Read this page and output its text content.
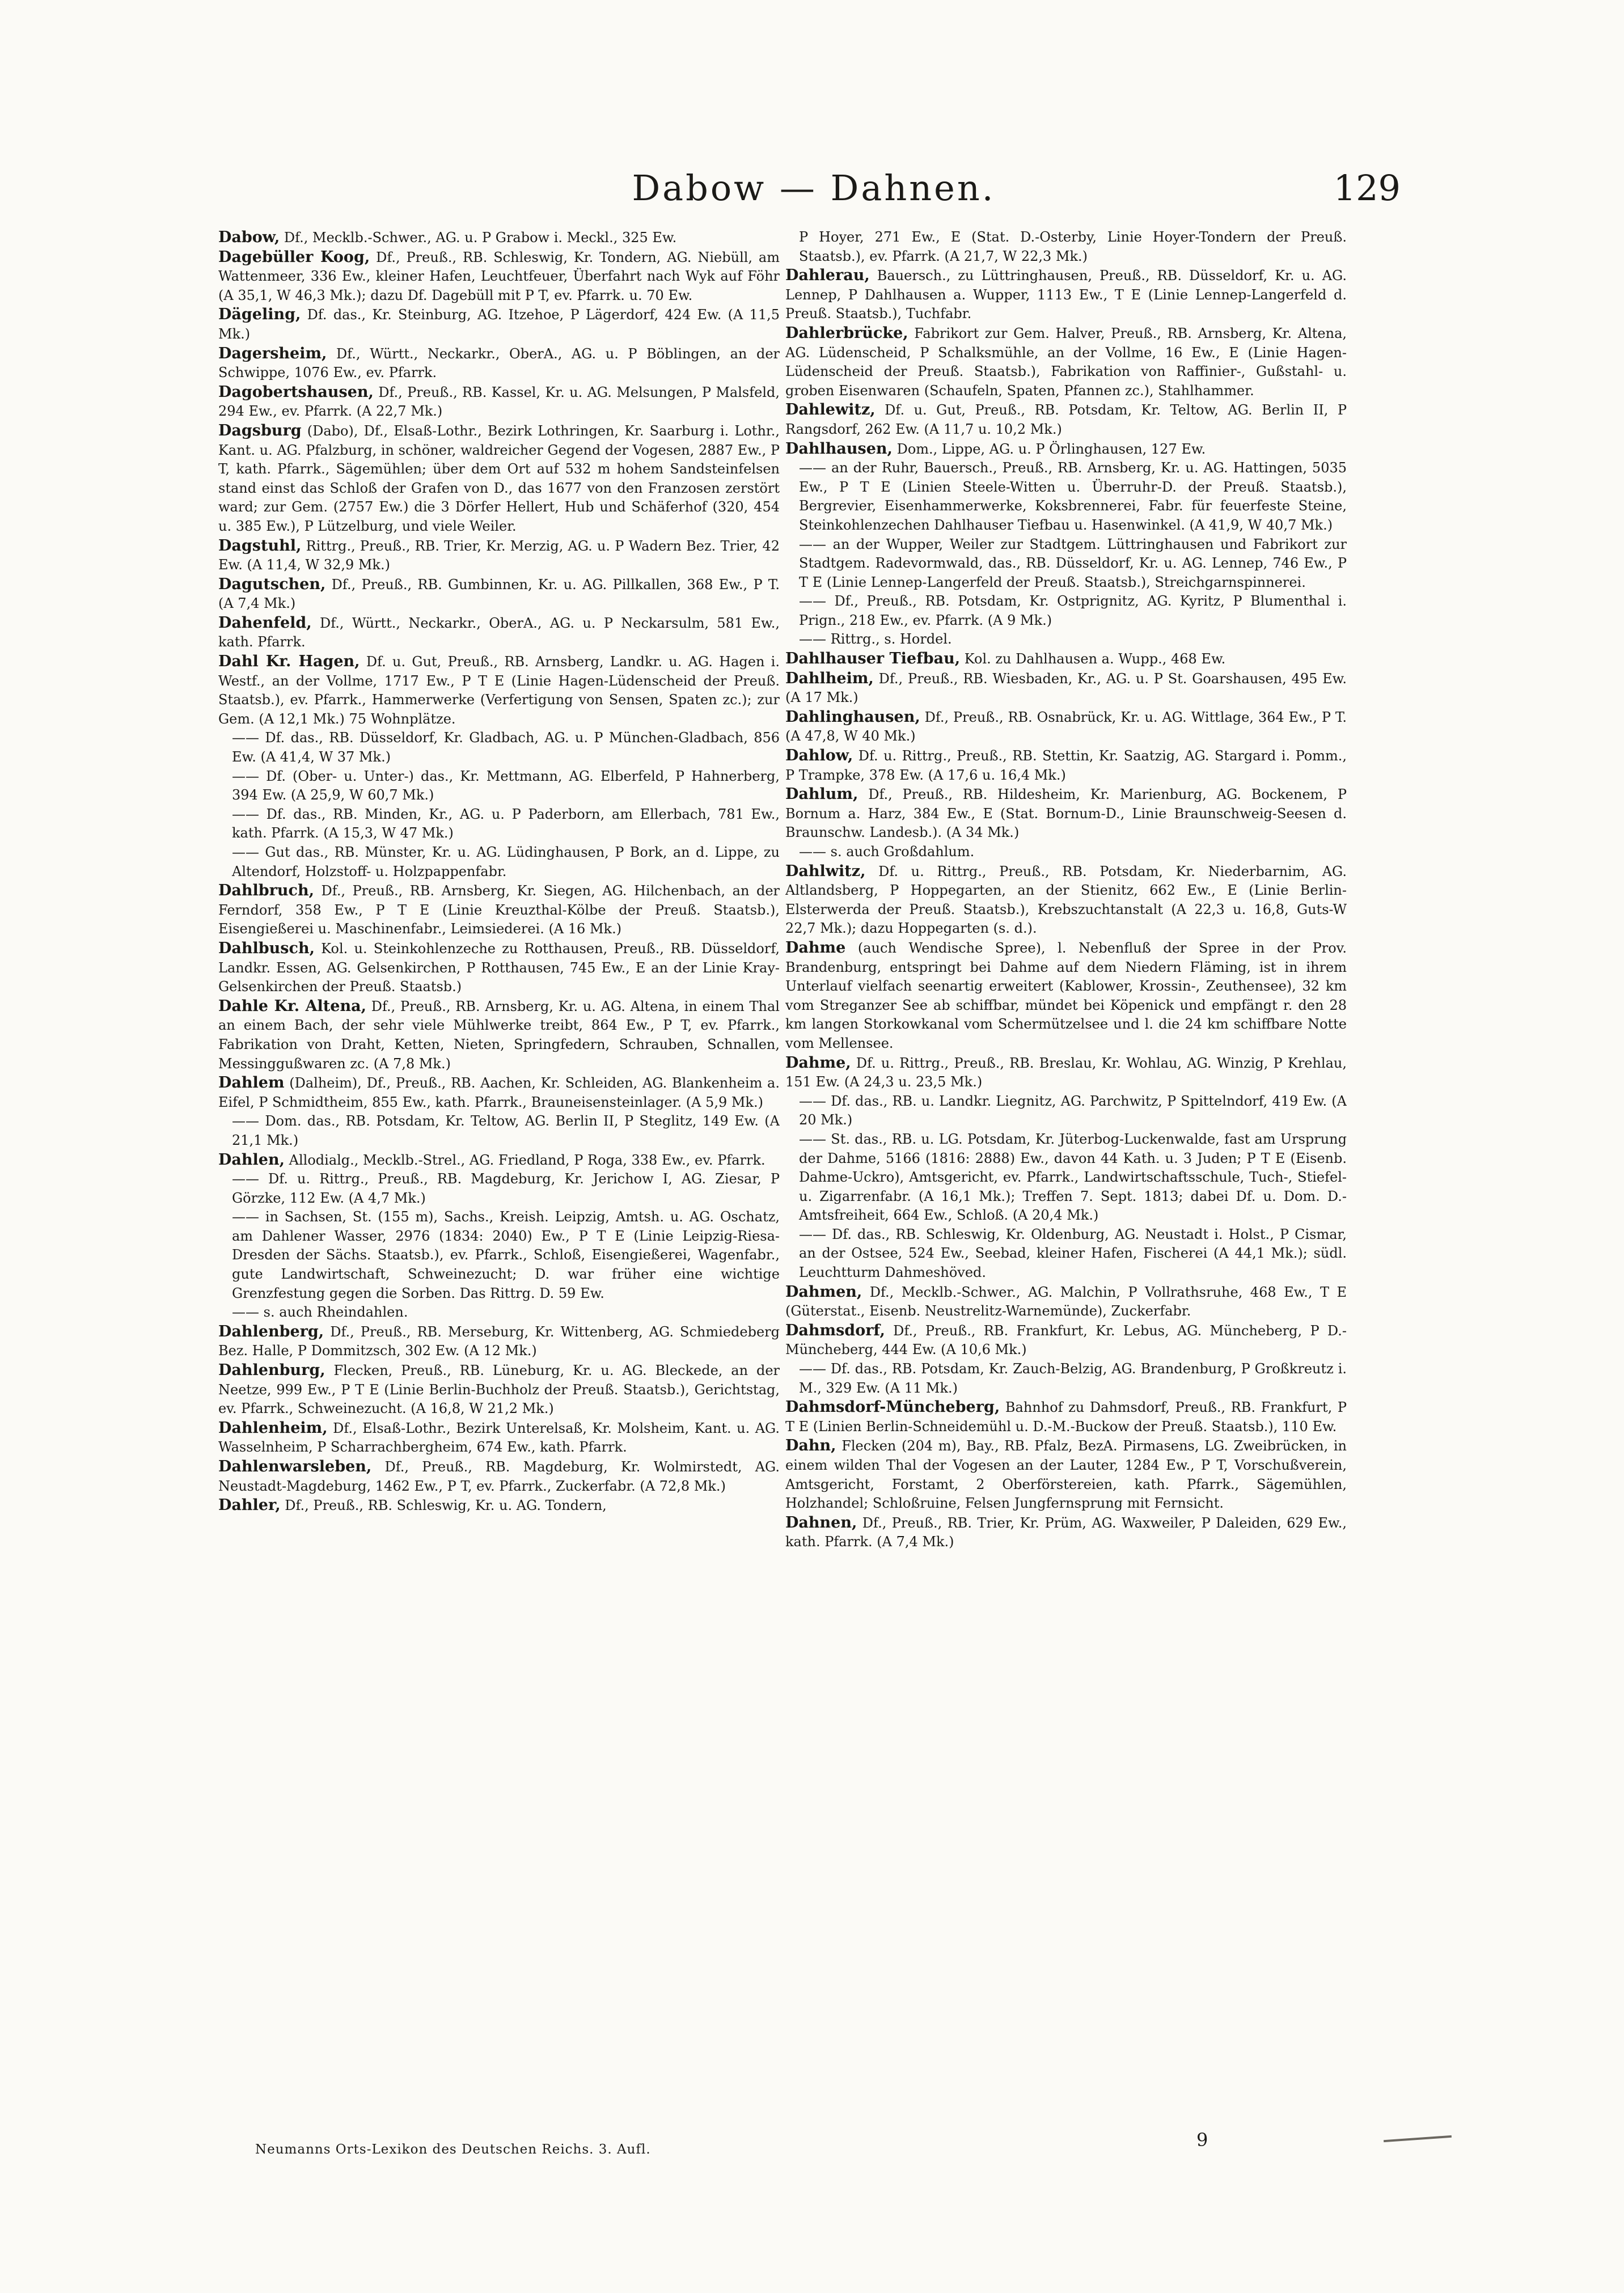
Dabow — Dahnen.	129

Dabow, Df., Mecklb.-Schwer., AG. u. P Grabow i. Meckl., 325 Ew.

Dagebüller Koog, Df., Preuß., RB. Schleswig, Kr. Tondern, AG. Niebüll, am Wattenmeer, 336 Ew., kleiner Hafen, Leuchtfeuer, Überfahrt nach Wyk auf Föhr (A 35,1, W 46,3 Mk.); dazu Df. Dagebüll mit P T, ev. Pfarrk. u. 70 Ew.

Dägeling, Df. das., Kr. Steinburg, AG. Itzehoe, P Lägerdorf, 424 Ew. (A 11,5 Mk.)

Dagersheim, Df., Württ., Neckarkr., OberA., AG. u. P Böblingen, an der Schwippe, 1076 Ew., ev. Pfarrk.

Dagobertshausen, Df., Preuß., RB. Kassel, Kr. u. AG. Melsungen, P Malsfeld, 294 Ew., ev. Pfarrk. (A 22,7 Mk.)

Dagsburg (Dabo), Df., Elsaß-Lothr., Bezirk Lothringen, Kr. Saarburg i. Lothr., Kant. u. AG. Pfalzburg, in schöner, waldreicher Gegend der Vogesen, 2887 Ew., P T, kath. Pfarrk., Sägemühlen; über dem Ort auf 532 m hohem Sandsteinfelsen stand einst das Schloß der Grafen von D., das 1677 von den Franzosen zerstört ward; zur Gem. (2757 Ew.) die 3 Dörfer Hellert, Hub und Schäferhof (320, 454 u. 385 Ew.), P Lützelburg, und viele Weiler.

Dagstuhl, Rittrg., Preuß., RB. Trier, Kr. Merzig, AG. u. P Wadern Bez. Trier, 42 Ew. (A 11,4, W 32,9 Mk.)

Dagutschen, Df., Preuß., RB. Gumbinnen, Kr. u. AG. Pillkallen, 368 Ew., P T. (A 7,4 Mk.)

Dahenfeld, Df., Württ., Neckarkr., OberA., AG. u. P Neckarsulm, 581 Ew., kath. Pfarrk.

Dahl Kr. Hagen, Df. u. Gut, Preuß., RB. Arnsberg, Landkr. u. AG. Hagen i. Westf., an der Vollme, 1717 Ew., P T E (Linie Hagen-Lüdenscheid der Preuß. Staatsb.), ev. Pfarrk., Hammerwerke (Verfertigung von Sensen, Spaten zc.); zur Gem. (A 12,1 Mk.) 75 Wohnplätze.

—— Df. das., RB. Düsseldorf, Kr. Gladbach, AG. u. P München-Gladbach, 856 Ew. (A 41,4, W 37 Mk.)

—— Df. (Ober- u. Unter-) das., Kr. Mettmann, AG. Elberfeld, P Hahnerberg, 394 Ew. (A 25,9, W 60,7 Mk.)

—— Df. das., RB. Minden, Kr., AG. u. P Paderborn, am Ellerbach, 781 Ew., kath. Pfarrk. (A 15,3, W 47 Mk.)

—— Gut das., RB. Münster, Kr. u. AG. Lüdinghausen, P Bork, an d. Lippe, zu Altendorf, Holzstoff- u. Holzpappenfabr.

Dahlbruch, Df., Preuß., RB. Arnsberg, Kr. Siegen, AG. Hilchenbach, an der Ferndorf, 358 Ew., P T E (Linie Kreuzthal-Kölbe der Preuß. Staatsb.), Eisengießerei u. Maschinenfabr., Leimsiederei. (A 16 Mk.)

Dahlbusch, Kol. u. Steinkohlenzeche zu Rotthausen, Preuß., RB. Düsseldorf, Landkr. Essen, AG. Gelsenkirchen, P Rotthausen, 745 Ew., E an der Linie Kray-Gelsenkirchen der Preuß. Staatsb.)

Dahle Kr. Altena, Df., Preuß., RB. Arnsberg, Kr. u. AG. Altena, in einem Thal an einem Bach, der sehr viele Mühlwerke treibt, 864 Ew., P T, ev. Pfarrk., Fabrikation von Draht, Ketten, Nieten, Springfedern, Schrauben, Schnallen, Messinggußwaren zc. (A 7,8 Mk.)

Dahlem (Dalheim), Df., Preuß., RB. Aachen, Kr. Schleiden, AG. Blankenheim a. Eifel, P Schmidtheim, 855 Ew., kath. Pfarrk., Brauneisensteinlager. (A 5,9 Mk.)

—— Dom. das., RB. Potsdam, Kr. Teltow, AG. Berlin II, P Steglitz, 149 Ew. (A 21,1 Mk.)

Dahlen, Allodialg., Mecklb.-Strel., AG. Friedland, P Roga, 338 Ew., ev. Pfarrk.

—— Df. u. Rittrg., Preuß., RB. Magdeburg, Kr. Jerichow I, AG. Ziesar, P Görzke, 112 Ew. (A 4,7 Mk.)

—— in Sachsen, St. (155 m), Sachs., Kreish. Leipzig, Amtsh. u. AG. Oschatz, am Dahlener Wasser, 2976 (1834: 2040) Ew., P T E (Linie Leipzig-Riesa-Dresden der Sächs. Staatsb.), ev. Pfarrk., Schloß, Eisengießerei, Wagenfabr., gute Landwirtschaft, Schweinezucht; D. war früher eine wichtige Grenzfestung gegen die Sorben. Das Rittrg. D. 59 Ew.

—— s. auch Rheindahlen.

Dahlenberg, Df., Preuß., RB. Merseburg, Kr. Wittenberg, AG. Schmiedeberg Bez. Halle, P Dommitzsch, 302 Ew. (A 12 Mk.)

Dahlenburg, Flecken, Preuß., RB. Lüneburg, Kr. u. AG. Bleckede, an der Neetze, 999 Ew., P T E (Linie Berlin-Buchholz der Preuß. Staatsb.), Gerichtstag, ev. Pfarrk., Schweinezucht. (A 16,8, W 21,2 Mk.)

Dahlenheim, Df., Elsaß-Lothr., Bezirk Unterelsaß, Kr. Molsheim, Kant. u. AG. Wasselnheim, P Scharrachbergheim, 674 Ew., kath. Pfarrk.

Dahlenwarsleben, Df., Preuß., RB. Magdeburg, Kr. Wolmirstedt, AG. Neustadt-Magdeburg, 1462 Ew., P T, ev. Pfarrk., Zuckerfabr. (A 72,8 Mk.)

Dahler, Df., Preuß., RB. Schleswig, Kr. u. AG. Tondern,

P Hoyer, 271 Ew., E (Stat. D.-Osterby, Linie Hoyer-Tondern der Preuß. Staatsb.), ev. Pfarrk. (A 21,7, W 22,3 Mk.)

Dahlerau, Bauersch., zu Lüttringhausen, Preuß., RB. Düsseldorf, Kr. u. AG. Lennep, P Dahlhausen a. Wupper, 1113 Ew., T E (Linie Lennep-Langerfeld d. Preuß. Staatsb.), Tuchfabr.

Dahlerbrücke, Fabrikort zur Gem. Halver, Preuß., RB. Arnsberg, Kr. Altena, AG. Lüdenscheid, P Schalksmühle, an der Vollme, 16 Ew., E (Linie Hagen-Lüdenscheid der Preuß. Staatsb.), Fabrikation von Raffinier-, Gußstahl- u. groben Eisenwaren (Schaufeln, Spaten, Pfannen zc.), Stahlhammer.

Dahlewitz, Df. u. Gut, Preuß., RB. Potsdam, Kr. Teltow, AG. Berlin II, P Rangsdorf, 262 Ew. (A 11,7 u. 10,2 Mk.)

Dahlhausen, Dom., Lippe, AG. u. P Örlinghausen, 127 Ew.

—— an der Ruhr, Bauersch., Preuß., RB. Arnsberg, Kr. u. AG. Hattingen, 5035 Ew., P T E (Linien Steele-Witten u. Überruhr-D. der Preuß. Staatsb.), Bergrevier, Eisenhammerwerke, Koksbrennerei, Fabr. für feuerfeste Steine, Steinkohlenzechen Dahlhauser Tiefbau u. Hasenwinkel. (A 41,9, W 40,7 Mk.)

—— an der Wupper, Weiler zur Stadtgem. Lüttringhausen und Fabrikort zur Stadtgem. Radevormwald, das., RB. Düsseldorf, Kr. u. AG. Lennep, 746 Ew., P T E (Linie Lennep-Langerfeld der Preuß. Staatsb.), Streichgarnspinnerei.

—— Df., Preuß., RB. Potsdam, Kr. Ostprignitz, AG. Kyritz, P Blumenthal i. Prign., 218 Ew., ev. Pfarrk. (A 9 Mk.)

—— Rittrg., s. Hordel.

Dahlhauser Tiefbau, Kol. zu Dahlhausen a. Wupp., 468 Ew.

Dahlheim, Df., Preuß., RB. Wiesbaden, Kr., AG. u. P St. Goarshausen, 495 Ew. (A 17 Mk.)

Dahlinghausen, Df., Preuß., RB. Osnabrück, Kr. u. AG. Wittlage, 364 Ew., P T. (A 47,8, W 40 Mk.)

Dahlow, Df. u. Rittrg., Preuß., RB. Stettin, Kr. Saatzig, AG. Stargard i. Pomm., P Trampke, 378 Ew. (A 17,6 u. 16,4 Mk.)

Dahlum, Df., Preuß., RB. Hildesheim, Kr. Marienburg, AG. Bockenem, P Bornum a. Harz, 384 Ew., E (Stat. Bornum-D., Linie Braunschweig-Seesen d. Braunschw. Landesb.). (A 34 Mk.)

—— s. auch Großdahlum.

Dahlwitz, Df. u. Rittrg., Preuß., RB. Potsdam, Kr. Niederbarnim, AG. Altlandsberg, P Hoppegarten, an der Stienitz, 662 Ew., E (Linie Berlin-Elsterwerda der Preuß. Staatsb.), Krebszuchtanstalt (A 22,3 u. 16,8, Guts-W 22,7 Mk.); dazu Hoppegarten (s. d.).

Dahme (auch Wendische Spree), l. Nebenfluß der Spree in der Prov. Brandenburg, entspringt bei Dahme auf dem Niedern Fläming, ist in ihrem Unterlauf vielfach seenartig erweitert (Kablower, Krossin-, Zeuthensee), 32 km vom Streganzer See ab schiffbar, mündet bei Köpenick und empfängt r. den 28 km langen Storkowkanal vom Schermützelsee und l. die 24 km schiffbare Notte vom Mellensee.

Dahme, Df. u. Rittrg., Preuß., RB. Breslau, Kr. Wohlau, AG. Winzig, P Krehlau, 151 Ew. (A 24,3 u. 23,5 Mk.)

—— Df. das., RB. u. Landkr. Liegnitz, AG. Parchwitz, P Spittelndorf, 419 Ew. (A 20 Mk.)

—— St. das., RB. u. LG. Potsdam, Kr. Jüterbog-Luckenwalde, fast am Ursprung der Dahme, 5166 (1816: 2888) Ew., davon 44 Kath. u. 3 Juden; P T E (Eisenb. Dahme-Uckro), Amtsgericht, ev. Pfarrk., Landwirtschaftsschule, Tuch-, Stiefel- u. Zigarrenfabr. (A 16,1 Mk.); Treffen 7. Sept. 1813; dabei Df. u. Dom. D.-Amtsfreiheit, 664 Ew., Schloß. (A 20,4 Mk.)

—— Df. das., RB. Schleswig, Kr. Oldenburg, AG. Neustadt i. Holst., P Cismar, an der Ostsee, 524 Ew., Seebad, kleiner Hafen, Fischerei (A 44,1 Mk.); südl. Leuchtturm Dahmeshöved.

Dahmen, Df., Mecklb.-Schwer., AG. Malchin, P Vollrathsruhe, 468 Ew., T E (Güterstat., Eisenb. Neustrelitz-Warnemünde), Zuckerfabr.

Dahmsdorf, Df., Preuß., RB. Frankfurt, Kr. Lebus, AG. Müncheberg, P D.-Müncheberg, 444 Ew. (A 10,6 Mk.)

—— Df. das., RB. Potsdam, Kr. Zauch-Belzig, AG. Brandenburg, P Großkreutz i. M., 329 Ew. (A 11 Mk.)

Dahmsdorf-Müncheberg, Bahnhof zu Dahmsdorf, Preuß., RB. Frankfurt, P T E (Linien Berlin-Schneidemühl u. D.-M.-Buckow der Preuß. Staatsb.), 110 Ew.

Dahn, Flecken (204 m), Bay., RB. Pfalz, BezA. Pirmasens, LG. Zweibrücken, in einem wilden Thal der Vogesen an der Lauter, 1284 Ew., P T, Vorschußverein, Amtsgericht, Forstamt, 2 Oberförstereien, kath. Pfarrk., Sägemühlen, Holzhandel; Schloßruine, Felsen Jungfernsprung mit Fernsicht.

Dahnen, Df., Preuß., RB. Trier, Kr. Prüm, AG. Waxweiler, P Daleiden, 629 Ew., kath. Pfarrk. (A 7,4 Mk.)

Neumanns Orts-Lexikon des Deutschen Reichs. 3. Aufl.	9
